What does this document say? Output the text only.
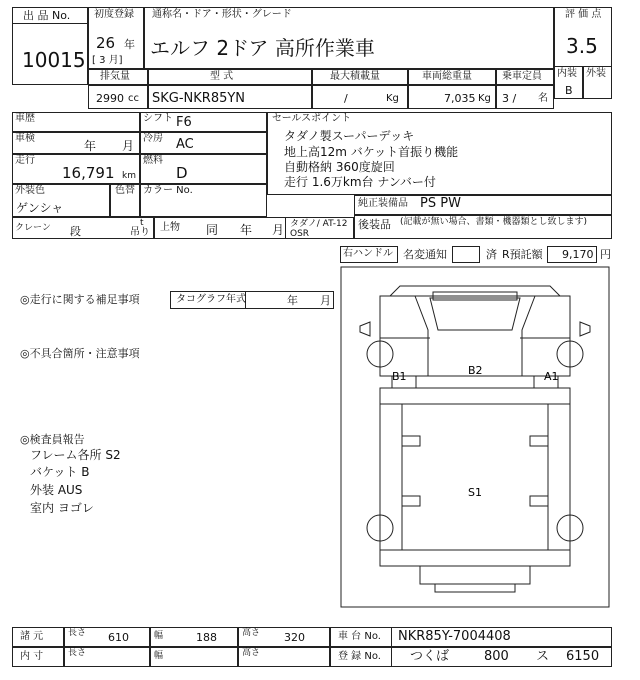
出 品 No.
10015
初度登録
26 年
[ 3 月]
通称名・ドア・形状・グレード
エルフ 2ドア 高所作業車
評 価 点
3.5
内装 外装
B
排気量	型 式	最大積載量	車両総重量	乗車定員
2990 cc SKG-NKR85YN	/	Kg	7,035 Kg 3 / 名
車歴	シフト F6
車検
年 月
冷房 AC
走行
16,791 km
燃料
D
外装色
ゲンシャ
色替 カラー No.
セールスポイント
タダノ製スーパーデッキ
地上高12m バケット首振り機能
自動格納 360度旋回
走行 1.6万km台 ナンバー付
純正装備品 PS PW
後装品 (記載が無い場合、書類・機器類とし致します)
クレーン 段
t
吊り 上物 同 年 月 タダノ/ AT-12
OSR
右ハンドル 名変通知	済 R預託額 9,170 円
◎走行に関する補足事項	タコグラフ年式	年 月
◎不具合箇所・注意事項
◎検査員報告
フレーム各所 S2
バケット B
外装 AUS
室内 ヨゴレ
B1	B2	A1
S1
諸 元	長さ 610	幅	188	高さ 320	車 台 No. NKR85Y-7004408
内 寸	長さ	幅	高さ	登 録 No. つくば	800 ス 6150
